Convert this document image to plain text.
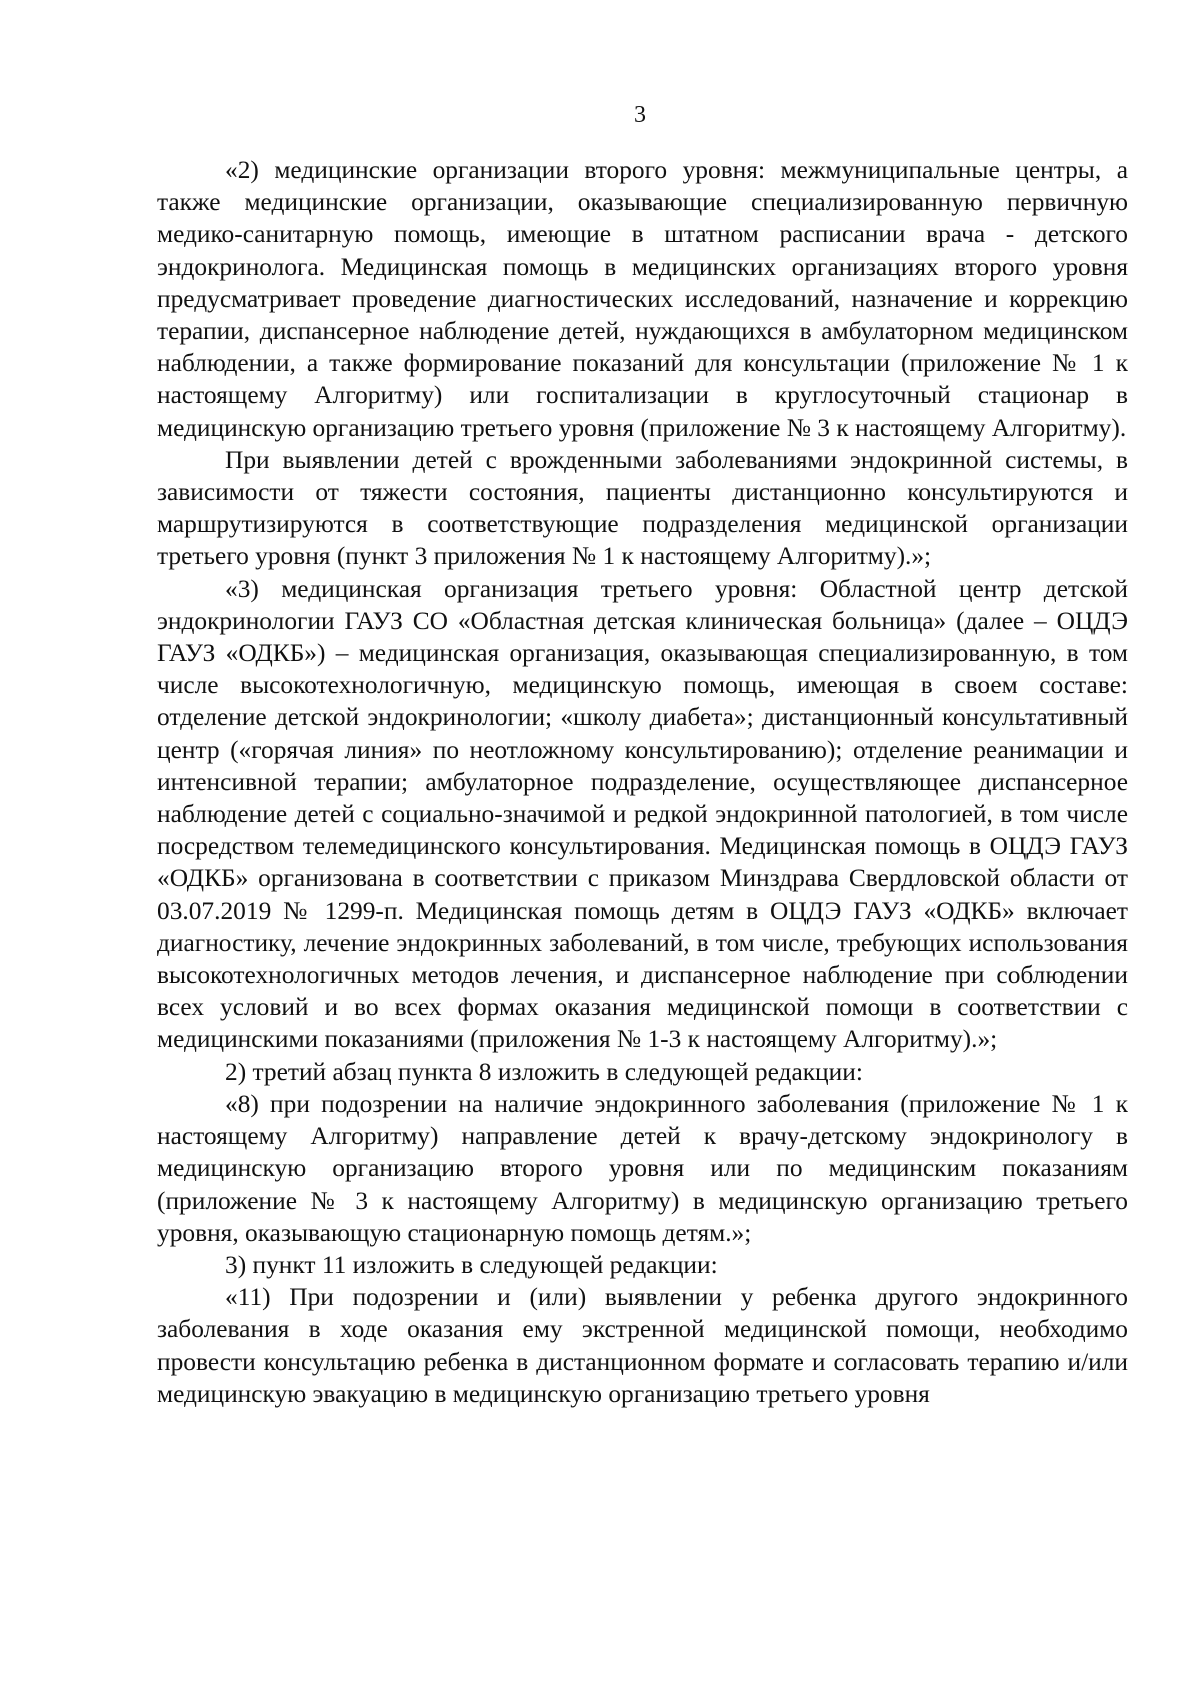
3

«2) медицинские организации второго уровня: межмуниципальные центры, а также медицинские организации, оказывающие специализированную первичную медико-санитарную помощь, имеющие в штатном расписании врача - детского эндокринолога. Медицинская помощь в медицинских организациях второго уровня предусматривает проведение диагностических исследований, назначение и коррекцию терапии, диспансерное наблюдение детей, нуждающихся в амбулаторном медицинском наблюдении, а также формирование показаний для консультации (приложение № 1 к настоящему Алгоритму) или госпитализации в круглосуточный стационар в медицинскую организацию третьего уровня (приложение № 3 к настоящему Алгоритму).

При выявлении детей с врожденными заболеваниями эндокринной системы, в зависимости от тяжести состояния, пациенты дистанционно консультируются и маршрутизируются в соответствующие подразделения медицинской организации третьего уровня (пункт 3 приложения № 1 к настоящему Алгоритму).»;

«3) медицинская организация третьего уровня: Областной центр детской эндокринологии ГАУЗ СО «Областная детская клиническая больница» (далее – ОЦДЭ ГАУЗ «ОДКБ») – медицинская организация, оказывающая специализированную, в том числе высокотехнологичную, медицинскую помощь, имеющая в своем составе: отделение детской эндокринологии; «школу диабета»; дистанционный консультативный центр («горячая линия» по неотложному консультированию); отделение реанимации и интенсивной терапии; амбулаторное подразделение, осуществляющее диспансерное наблюдение детей с социально-значимой и редкой эндокринной патологией, в том числе посредством телемедицинского консультирования. Медицинская помощь в ОЦДЭ ГАУЗ «ОДКБ» организована в соответствии с приказом Минздрава Свердловской области от 03.07.2019 № 1299-п. Медицинская помощь детям в ОЦДЭ ГАУЗ «ОДКБ» включает диагностику, лечение эндокринных заболеваний, в том числе, требующих использования высокотехнологичных методов лечения, и диспансерное наблюдение при соблюдении всех условий и во всех формах оказания медицинской помощи в соответствии с медицинскими показаниями (приложения № 1-3 к настоящему Алгоритму).»;

2) третий абзац пункта 8 изложить в следующей редакции:

«8) при подозрении на наличие эндокринного заболевания (приложение № 1 к настоящему Алгоритму) направление детей к врачу-детскому эндокринологу в медицинскую организацию второго уровня или по медицинским показаниям (приложение № 3 к настоящему Алгоритму) в медицинскую организацию третьего уровня, оказывающую стационарную помощь детям.»;

3) пункт 11 изложить в следующей редакции:

«11) При подозрении и (или) выявлении у ребенка другого эндокринного заболевания в ходе оказания ему экстренной медицинской помощи, необходимо провести консультацию ребенка в дистанционном формате и согласовать терапию и/или медицинскую эвакуацию в медицинскую организацию третьего уровня
